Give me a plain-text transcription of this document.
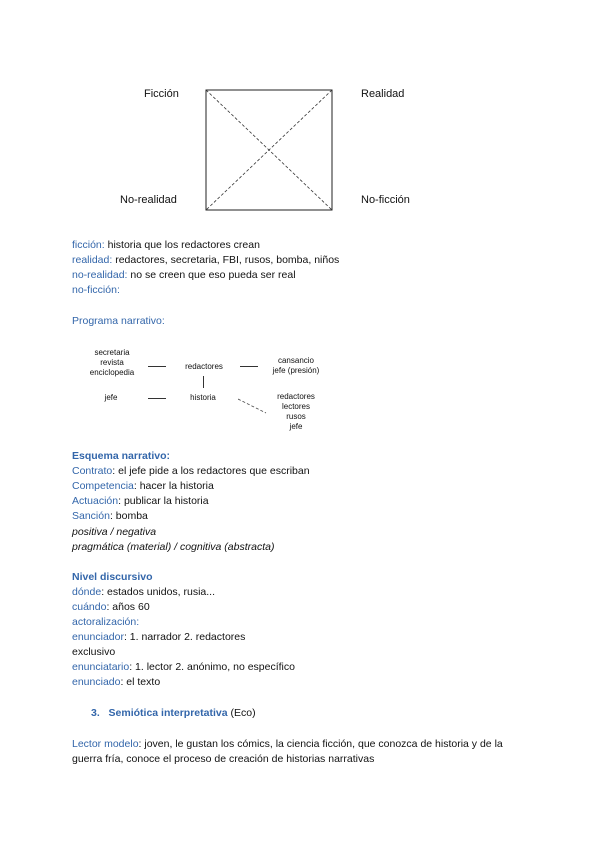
Ficción	Realidad
No-realidad	No-ficción
ficción: historia que los redactores crean
realidad: redactores, secretaria, FBI, rusos, bomba, niños
no-realidad: no se creen que eso pueda ser real
no-ficción:
Programa narrativo:
secretaria
revista
enciclopedia
redactores
cansancio
jefe (presión)
jefe	historia	redactores
lectores
rusos
jefe
Esquema narrativo:
Contrato: el jefe pide a los redactores que escriban
Competencia: hacer la historia
Actuación: publicar la historia
Sanción: bomba
positiva / negativa
pragmática (material) / cognitiva (abstracta)
Nivel discursivo
dónde: estados unidos, rusia...
cuándo: años 60
actoralización:
enunciador: 1. narrador 2. redactores
exclusivo
enunciatario: 1. lector 2. anónimo, no específico
enunciado: el texto
3. Semiótica interpretativa (Eco)
Lector modelo: joven, le gustan los cómics, la ciencia ficción, que conozca de historia y de la
guerra fría, conoce el proceso de creación de historias narrativas
